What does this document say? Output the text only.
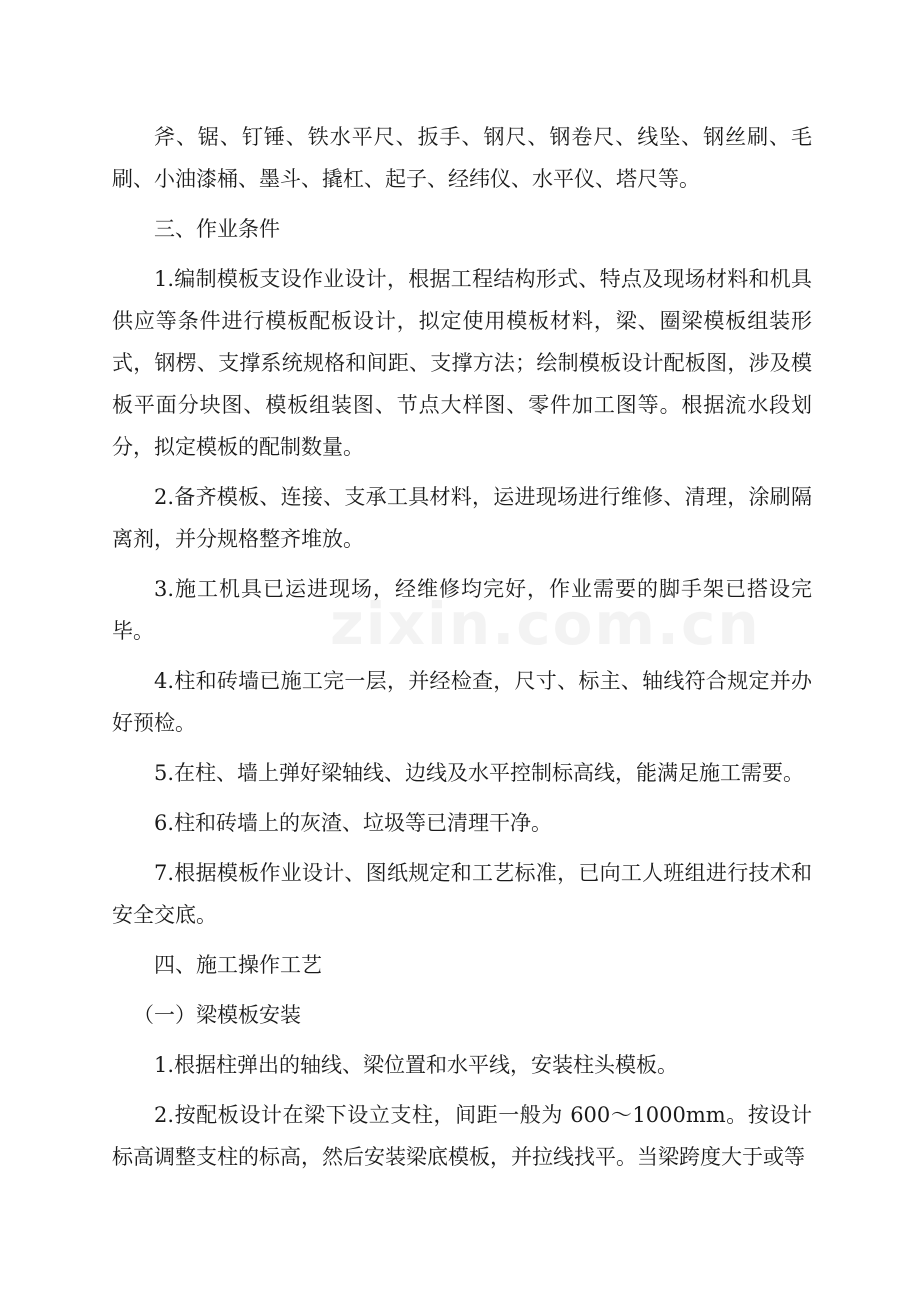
斧、锯、钉锤、铁水平尺、扳手、钢尺、钢卷尺、线坠、钢丝刷、毛刷、小油漆桶、墨斗、撬杠、起子、经纬仪、水平仪、塔尺等。

三、作业条件

1.编制模板支设作业设计，根据工程结构形式、特点及现场材料和机具供应等条件进行模板配板设计，拟定使用模板材料，梁、圈梁模板组装形式，钢楞、支撑系统规格和间距、支撑方法；绘制模板设计配板图，涉及模板平面分块图、模板组装图、节点大样图、零件加工图等。根据流水段划分，拟定模板的配制数量。

2.备齐模板、连接、支承工具材料，运进现场进行维修、清理，涂刷隔离剂，并分规格整齐堆放。

3.施工机具已运进现场，经维修均完好，作业需要的脚手架已搭设完毕。

4.柱和砖墙已施工完一层，并经检查，尺寸、标主、轴线符合规定并办好预检。

5.在柱、墙上弹好梁轴线、边线及水平控制标高线，能满足施工需要。

6.柱和砖墙上的灰渣、垃圾等已清理干净。

7.根据模板作业设计、图纸规定和工艺标准，已向工人班组进行技术和安全交底。

四、施工操作工艺

（一）梁模板安装

1.根据柱弹出的轴线、梁位置和水平线，安装柱头模板。

2.按配板设计在梁下设立支柱，间距一般为 600～1000mm。按设计标高调整支柱的标高，然后安装梁底模板，并拉线找平。当梁跨度大于或等

zixin.com.cn
